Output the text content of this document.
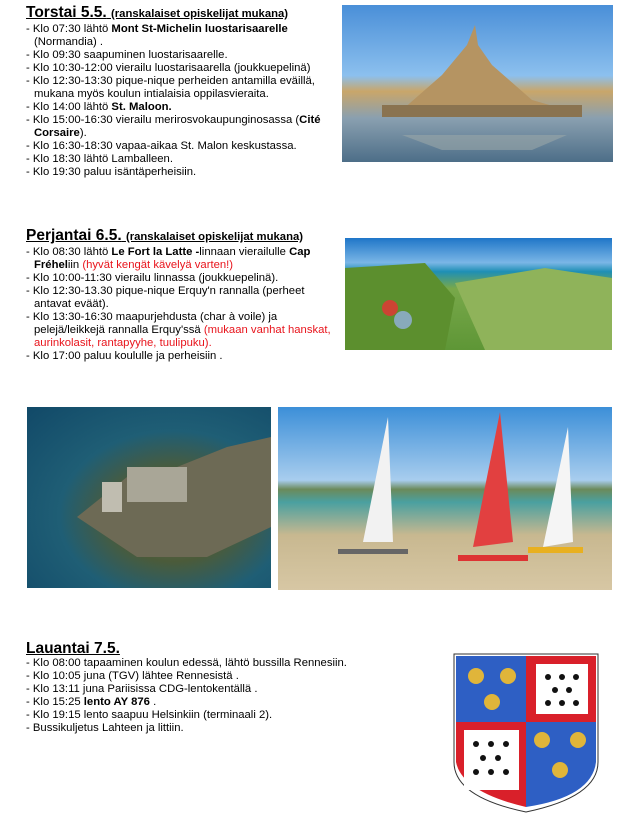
Torstai 5.5. (ranskalaiset opiskelijat mukana)
- Klo 07:30 lähtö Mont St-Michelin luostarisaarelle (Normandia) .
- Klo 09:30 saapuminen luostarisaarelle.
- Klo 10:30-12:00 vierailu luostarisaarella (joukkuepelinä)
- Klo 12:30-13:30 pique-nique perheiden antamilla eväillä, mukana myös koulun intialaisia oppilasvieraita.
- Klo 14:00 lähtö St. Maloon.
- Klo 15:00-16:30 vierailu merirosvokaupunginosassa (Cité Corsaire).
- Klo 16:30-18:30 vapaa-aikaa St. Malon keskustassa.
- Klo 18:30 lähtö Lamballeen.
- Klo 19:30 paluu isäntäperheisiin.
Perjantai 6.5. (ranskalaiset opiskelijat mukana)
- Klo 08:30 lähtö Le Fort la Latte -linnaan vierailulle Cap Fréheliin (hyvät kengät kävelyä varten!)
- Klo 10:00-11:30 vierailu linnassa (joukkuepelinä).
- Klo 12:30-13.30 pique-nique Erquy'n rannalla (perheet antavat eväät).
- Klo 13:30-16:30 maapurjehdusta (char à voile) ja pelejä/leikkejä rannalla Erquy'ssä (mukaan vanhat hanskat, aurinkolasit, rantapyyhe, tuulipuku).
- Klo 17:00 paluu koululle ja perheisiin .
Lauantai 7.5.
- Klo 08:00 tapaaminen koulun edessä, lähtö bussilla Rennesiin.
- Klo 10:05 juna (TGV) lähtee Rennesistä .
- Klo 13:11 juna Pariisissa CDG-lentokentällä .
- Klo 15:25 lento AY 876 .
- Klo 19:15 lento saapuu Helsinkiin (terminaali 2).
- Bussikuljetus Lahteen ja littiin.
